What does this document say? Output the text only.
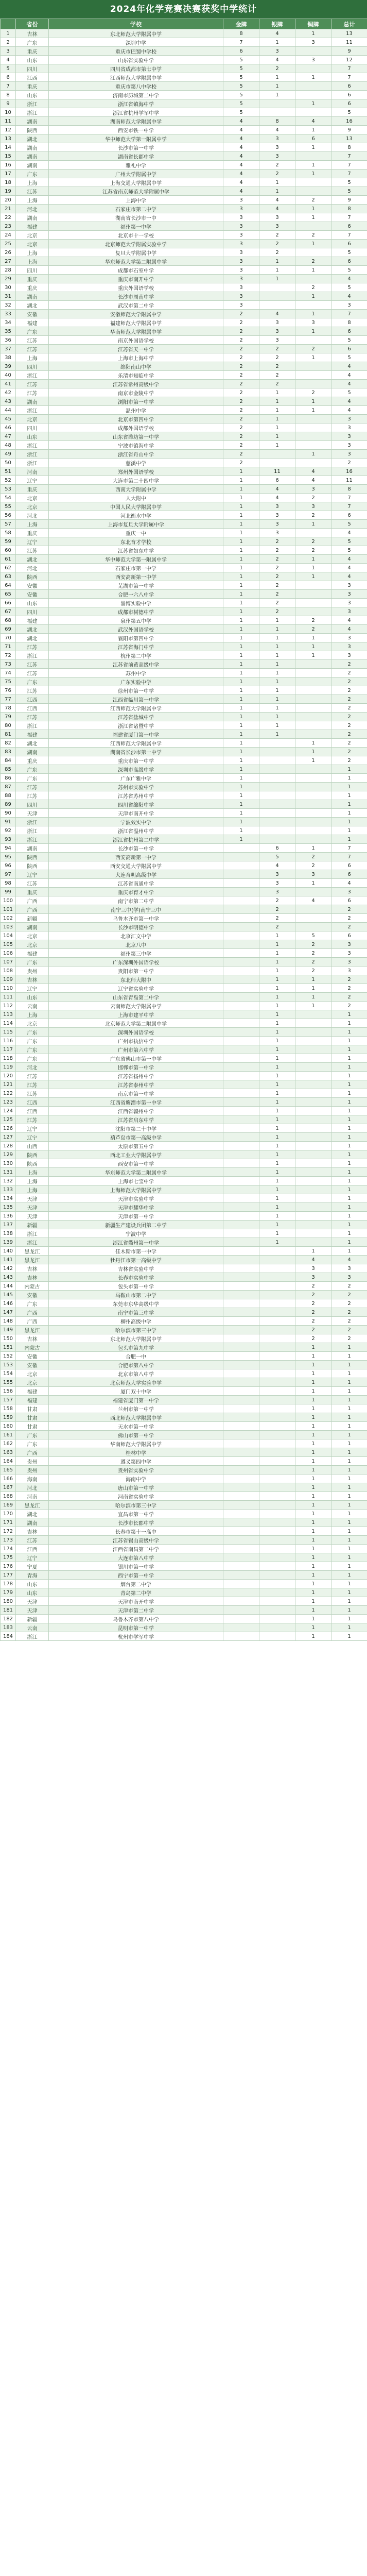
2024年化学竞赛决赛获奖中学统计
	省份	学校	金牌	银牌	铜牌	总计
1	吉林	东北师范大学附属中学	8	4	1	13
2	广东	深圳中学	7	1	3	11
3	重庆	重庆市巴蜀中学校	6	3		9
4	山东	山东省实验中学	5	4	3	12
5	四川	四川省成都市第七中学	5	2		7
6	江西	江西师范大学附属中学	5	1	1	7
7	重庆	重庆市第八中学校	5	1		6
8	山东	济南市历城第二中学	5	1		6
9	浙江	浙江省镇海中学	5		1	6
10	浙江	浙江省杭州学军中学	5			5
11	湖南	湖南师范大学附属中学	4	8	4	16
12	陕西	西安市铁一中学	4	4	1	9
13	湖北	华中师范大学第一附属中学	4	3	6	13
14	湖南	长沙市第一中学	4	3	1	8
15	湖南	湖南省长郡中学	4	3		7
16	湖南	雅礼中学	4	2	1	7
17	广东	广州大学附属中学	4	2	1	7
18	上海	上海交通大学附属中学	4	1		5
19	江苏	江苏省南京师范大学附属中学	4	1		5
20	上海	上海中学	3	4	2	9
21	河北	石家庄市第二中学	3	4	1	8
22	湖南	湖南省长沙市一中	3	3	1	7
23	福建	福州第一中学	3	3		6
24	北京	北京市十一学校	3	2	2	7
25	北京	北京师范大学附属实验中学	3	2	1	6
26	上海	复旦大学附属中学	3	2		5
27	上海	华东师范大学第二附属中学	3	1	2	6
28	四川	成都市石室中学	3	1	1	5
29	重庆	重庆市南开中学	3	1		4
30	重庆	重庆外国语学校	3		2	5
31	湖南	长沙市周南中学	3		1	4
32	湖北	武汉市第二中学	3			3
33	安徽	安徽师范大学附属中学	2	4	1	7
34	福建	福建师范大学附属中学	2	3	3	8
35	广东	华南师范大学附属中学	2	3	1	6
36	江苏	南京外国语学校	2	3		5
37	江苏	江苏省天一中学	2	2	2	6
38	上海	上海市上海中学	2	2	1	5
39	四川	绵阳南山中学	2	2		4
40	浙江	乐清市知临中学	2	2		4
41	江苏	江苏省常州高级中学	2	2		4
42	江苏	南京市金陵中学	2	1	2	5
43	湖南	浏阳市第一中学	2	1	1	4
44	浙江	温州中学	2	1	1	4
45	北京	北京市第四中学	2	1		3
46	四川	成都外国语学校	2	1		3
47	山东	山东省潍坊第一中学	2	1		3
48	浙江	宁波市镇海中学	2	1		3
49	浙江	浙江省舟山中学	2		1	3
50	浙江	慈溪中学	2			2
51	河南	郑州外国语学校	1	11	4	16
52	辽宁	大连市第二十四中学	1	6	4	11
53	重庆	西南大学附属中学	1	4	3	8
54	北京	人大附中	1	4	2	7
55	北京	中国人民大学附属中学	1	3	3	7
56	河北	河北衡水中学	1	3	2	6
57	上海	上海市复旦大学附属中学	1	3	1	5
58	重庆	重庆一中	1	3		4
59	辽宁	东北育才学校	1	2	2	5
60	江苏	江苏省如东中学	1	2	2	5
61	湖北	华中师范大学第一附属中学	1	2	1	4
62	河北	石家庄市第一中学	1	2	1	4
63	陕西	西安高新第一中学	1	2	1	4
64	安徽	芜湖市第一中学	1	2		3
65	安徽	合肥一六八中学	1	2		3
66	山东	淄博实验中学	1	2		3
67	四川	成都市树德中学	1	2		3
68	福建	泉州第五中学	1	1	2	4
69	湖北	武汉外国语学校	1	1	2	4
70	湖北	襄阳市第四中学	1	1	1	3
71	江苏	江苏省海门中学	1	1	1	3
72	浙江	杭州第二中学	1	1	1	3
73	江苏	江苏省前黄高级中学	1	1		2
74	江苏	苏州中学	1	1		2
75	广东	广东实验中学	1	1		2
76	江苏	徐州市第一中学	1	1		2
77	江西	江西省临川第一中学	1	1		2
78	江西	江西师范大学附属中学	1	1		2
79	江苏	江苏省盐城中学	1	1		2
80	浙江	浙江省诸暨中学	1	1		2
81	福建	福建省厦门第一中学	1	1		2
82	湖北	江西师范大学附属中学	1		1	2
83	湖南	湖南省长沙市第一中学	1		1	2
84	重庆	重庆市第一中学	1		1	2
85	广东	深圳市高级中学	1			1
86	广东	广东广雅中学	1			1
87	江苏	苏州市实验中学	1			1
88	江苏	江苏省苏州中学	1			1
89	四川	四川省绵阳中学	1			1
90	天津	天津市南开中学	1			1
91	浙江	宁波效实中学	1			1
92	浙江	浙江省温州中学	1			1
93	浙江	浙江省杭州第二中学	1			1
94	湖南	长沙市第一中学		6	1	7
95	陕西	西安高新第一中学		5	2	7
96	陕西	西安交通大学附属中学		4	2	6
97	辽宁	大连育明高级中学		3	3	6
98	江苏	江苏省南通中学		3	1	4
99	重庆	重庆市育才中学		3		3
100	广西	南宁市第二中学		2	4	6
101	广西	南宁三中(学)南宁三中		2		2
102	新疆	乌鲁木齐市第一中学		2		2
103	湖南	长沙市明德中学		2		2
104	北京	北京汇文中学		1	5	6
105	北京	北京八中		1	2	3
106	福建	福州第三中学		1	2	3
107	广东	广东深圳外国语学校		1	2	3
108	贵州	贵阳市第一中学		1	2	3
109	吉林	东北师大附中		1	1	2
110	辽宁	辽宁省实验中学		1	1	2
111	山东	山东省青岛第二中学		1	1	2
112	云南	云南师范大学附属中学		1	1	2
113	上海	上海市建平中学		1		1
114	北京	北京师范大学第二附属中学		1		1
115	广东	深圳外国语学校		1		1
116	广东	广州市执信中学		1		1
117	广东	广州市第六中学		1		1
118	广东	广东省佛山市第一中学		1		1
119	河北	邯郸市第一中学		1		1
120	江苏	江苏省扬州中学		1		1
121	江苏	江苏省泰州中学		1		1
122	江苏	南京市第一中学		1		1
123	江西	江西省鹰潭市第一中学		1		1
124	江西	江西省赣州中学		1		1
125	江苏	江苏省启东中学		1		1
126	辽宁	沈阳市第二十中学		1		1
127	辽宁	葫芦岛市第一高级中学		1		1
128	山西	太原市第五中学		1		1
129	陕西	西北工业大学附属中学		1		1
130	陕西	西安市第一中学		1		1
131	上海	华东师范大学第二附属中学		1		1
132	上海	上海市七宝中学		1		1
133	上海	上海师范大学附属中学		1		1
134	天津	天津市实验中学		1		1
135	天津	天津市耀华中学		1		1
136	天津	天津市第一中学		1		1
137	新疆	新疆生产建设兵团第二中学		1		1
138	浙江	宁波中学		1		1
139	浙江	浙江省衢州第一中学		1		1
140	黑龙江	佳木斯市第一中学			1	1
141	黑龙江	牡丹江市第一高级中学			4	4
142	吉林	吉林省实验中学			3	3
143	吉林	长春市实验中学			3	3
144	内蒙古	包头市第一中学			2	2
145	安徽	马鞍山市第二中学			2	2
146	广东	东莞市东华高级中学			2	2
147	广西	南宁市第三中学			2	2
148	广西	柳州高级中学			2	2
149	黑龙江	哈尔滨市第三中学			2	2
150	吉林	东北师范大学附属中学			2	2
151	内蒙古	包头市第九中学			1	1
152	安徽	合肥一中			1	1
153	安徽	合肥市第八中学			1	1
154	北京	北京市第八中学			1	1
155	北京	北京师范大学实验中学			1	1
156	福建	厦门双十中学			1	1
157	福建	福建省厦门第一中学			1	1
158	甘肃	兰州市第一中学			1	1
159	甘肃	西北师范大学附属中学			1	1
160	甘肃	天水市第一中学			1	1
161	广东	佛山市第一中学			1	1
162	广东	华南师范大学附属中学			1	1
163	广西	桂林中学			1	1
164	贵州	遵义第四中学			1	1
165	贵州	贵州省实验中学			1	1
166	海南	海南中学			1	1
167	河北	唐山市第一中学			1	1
168	河南	河南省实验中学			1	1
169	黑龙江	哈尔滨市第三中学			1	1
170	湖北	宜昌市第一中学			1	1
171	湖南	长沙市长郡中学			1	1
172	吉林	长春市第十一高中			1	1
173	江苏	江苏省锡山高级中学			1	1
174	江西	江西省南昌第二中学			1	1
175	辽宁	大连市第八中学			1	1
176	宁夏	银川市第一中学			1	1
177	青海	西宁市第一中学			1	1
178	山东	烟台第二中学			1	1
179	山东	青岛第二中学			1	1
180	天津	天津市南开中学			1	1
181	天津	天津市第二中学			1	1
182	新疆	乌鲁木齐市第八中学			1	1
183	云南	昆明市第一中学			1	1
184	浙江	杭州市学军中学			1	1
